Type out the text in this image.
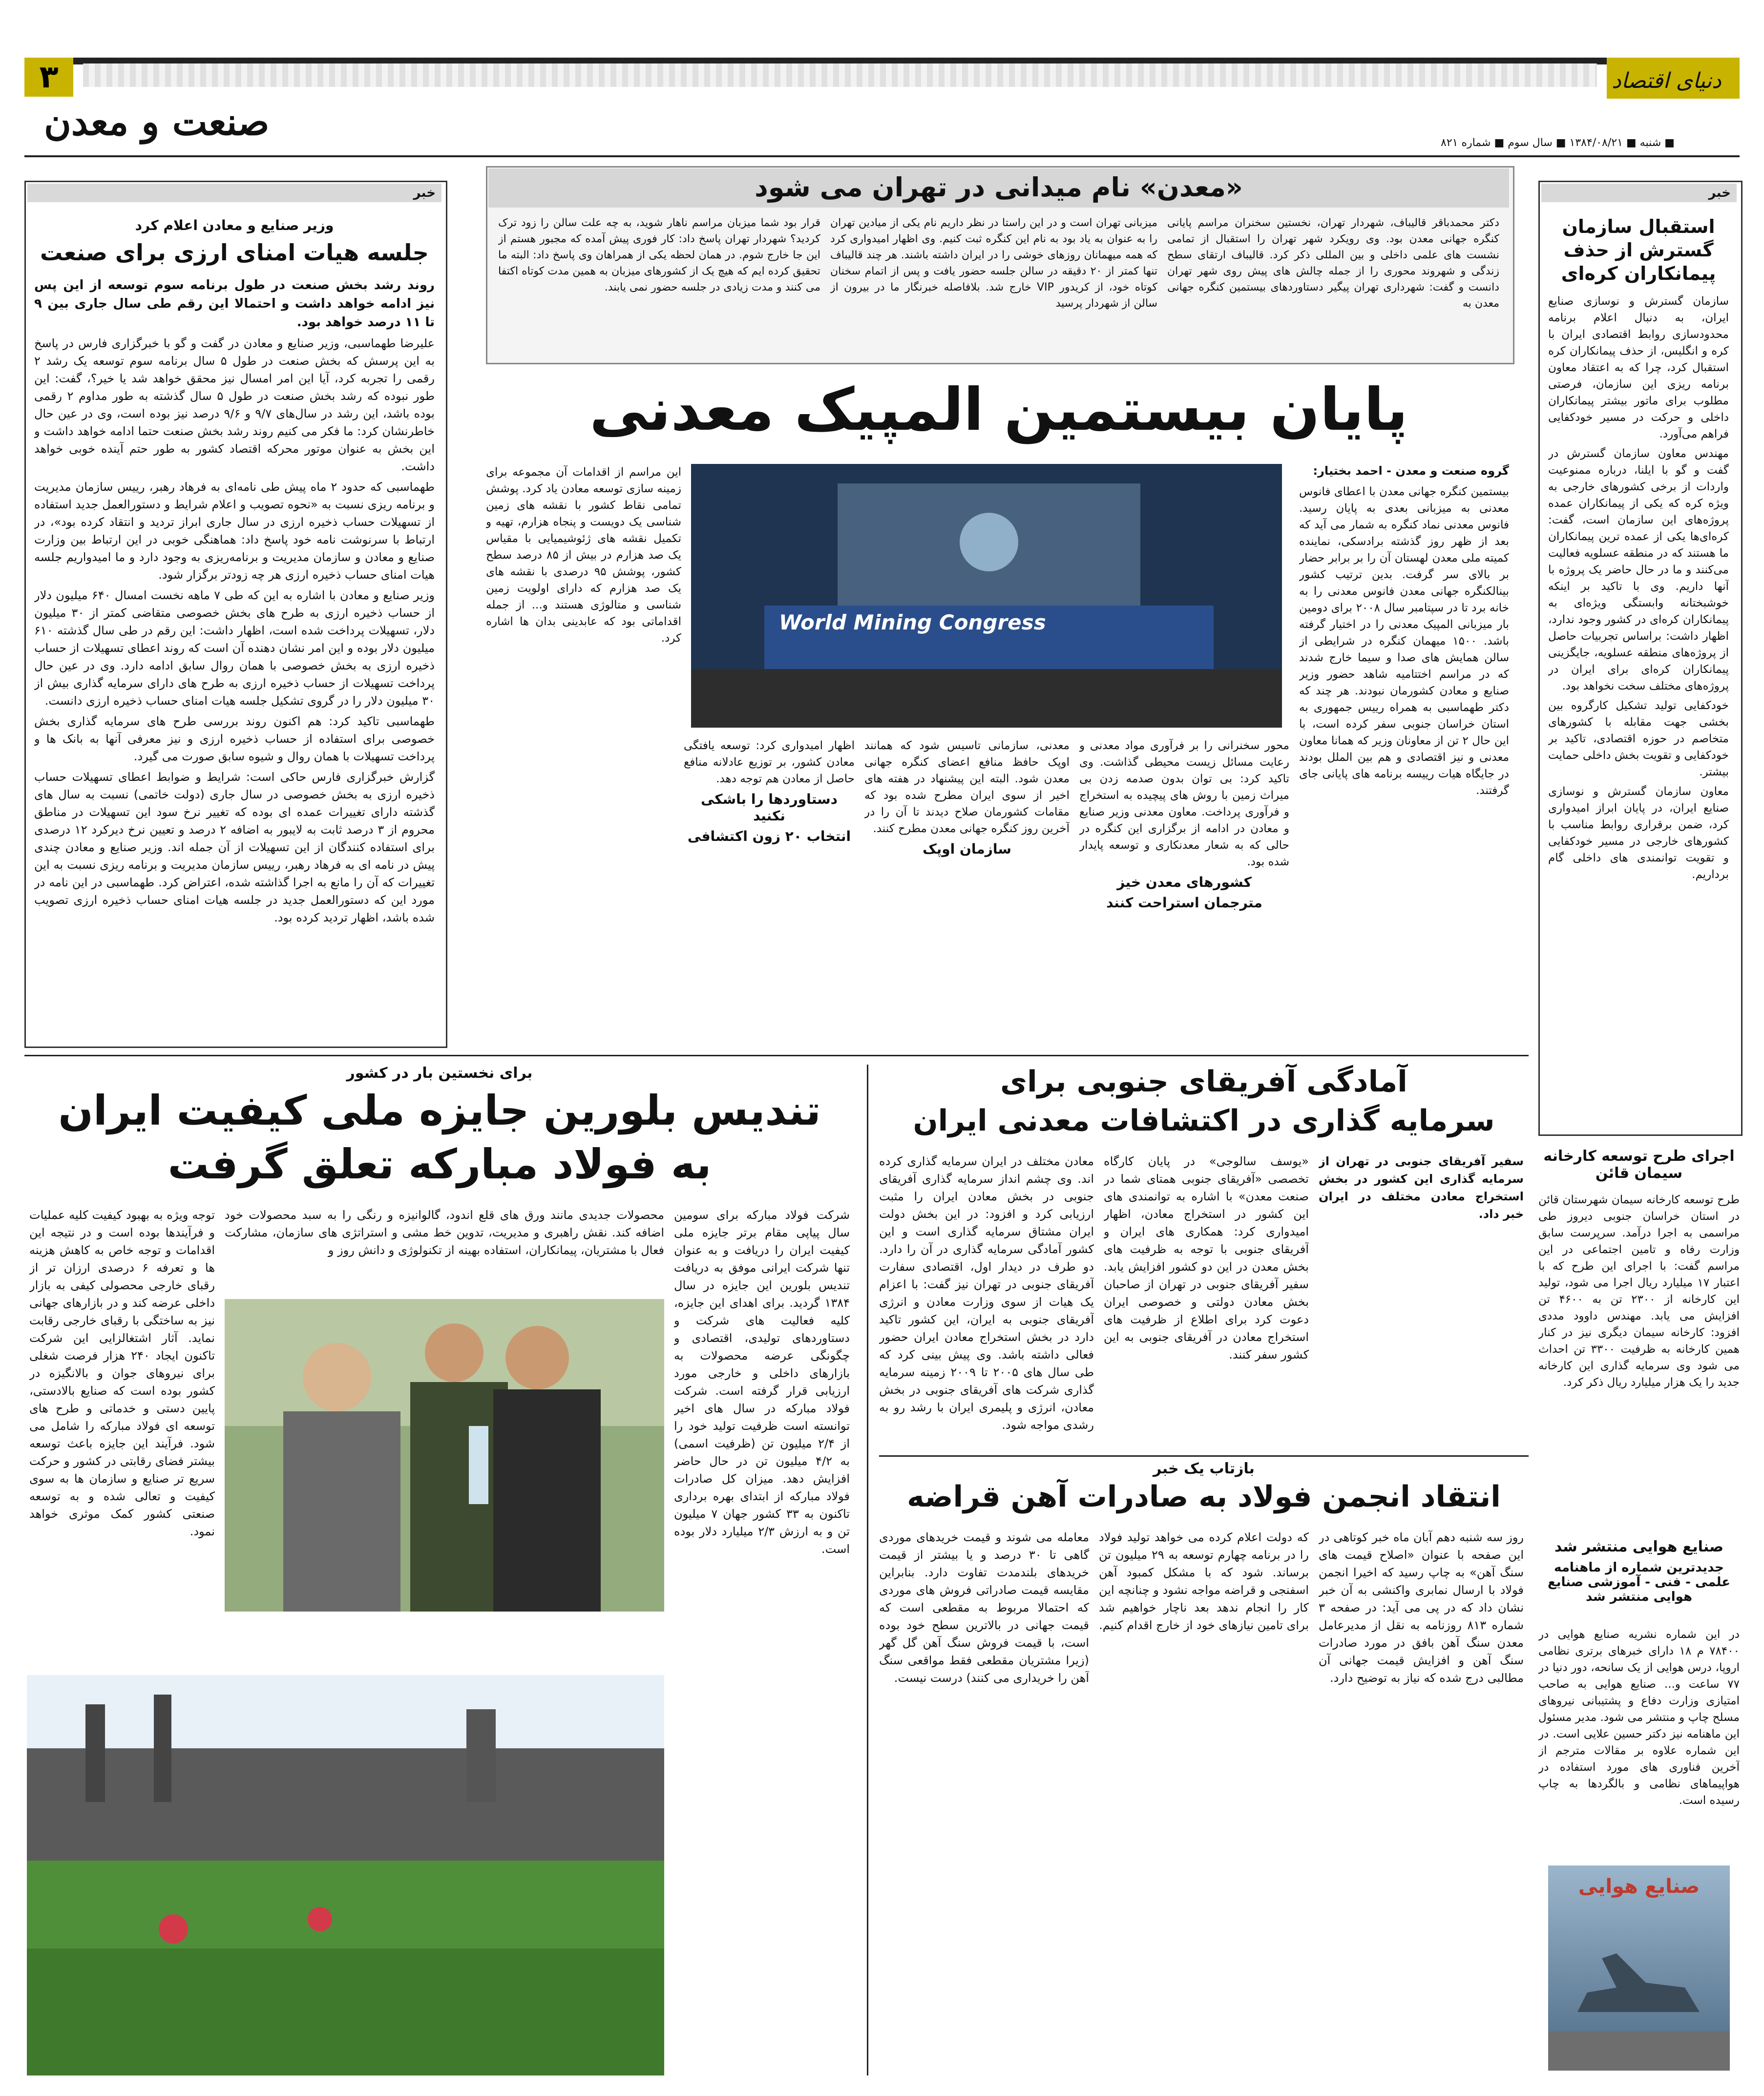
۳
صنعت و معدن
دنیای اقتصاد
■ شنبه ■ ۱۳۸۴/۰۸/۲۱ ■ سال سوم ■ شماره ۸۲۱
خبر
وزیر صنایع و معادن اعلام کرد
جلسه هیات امنای ارزی برای صنعت
روند رشد بخش صنعت در طول برنامه سوم توسعه از این پس نیز ادامه خواهد داشت و احتمالا این رقم طی سال جاری بین ۹ تا ۱۱ درصد خواهد بود.

علیرضا طهماسبی، وزیر صنایع و معادن در گفت و گو با خبرگزاری فارس در پاسخ به این پرسش که بخش صنعت در طول ۵ سال برنامه سوم توسعه یک رشد ۲ رقمی را تجربه کرد، آیا این امر امسال نیز محقق خواهد شد یا خیر؟، گفت: این طور نبوده که رشد بخش صنعت در طول ۵ سال گذشته به طور مداوم ۲ رقمی بوده باشد، این رشد در سال‌های ۹/۷ و ۹/۶ درصد نیز بوده است، وی در عین حال خاطرنشان کرد: ما فکر می کنیم روند رشد بخش صنعت حتما ادامه خواهد داشت و این بخش به عنوان موتور محرکه اقتصاد کشور به طور حتم آینده خوبی خواهد داشت.

طهماسبی که حدود ۲ ماه پیش طی نامه‌ای به فرهاد رهبر، رییس سازمان مدیریت و برنامه ریزی نسبت به «نحوه تصویب و اعلام شرایط و دستورالعمل جدید استفاده از تسهیلات حساب ذخیره ارزی در سال جاری ابراز تردید و انتقاد کرده بود»، در ارتباط با سرنوشت نامه خود پاسخ داد: هماهنگی خوبی در این ارتباط بین وزارت صنایع و معادن و سازمان مدیریت و برنامه‌ریزی به وجود دارد و ما امیدواریم جلسه هیات امنای حساب ذخیره ارزی هر چه زودتر برگزار شود.

وزیر صنایع و معادن با اشاره به این که طی ۷ ماهه نخست امسال ۶۴۰ میلیون دلار از حساب ذخیره ارزی به طرح های بخش خصوصی متقاضی کمتر از ۳۰ میلیون دلار، تسهیلات پرداخت شده است، اظهار داشت: این رقم در طی سال گذشته ۶۱۰ میلیون دلار بوده و این امر نشان دهنده آن است که روند اعطای تسهیلات از حساب ذخیره ارزی به بخش خصوصی با همان روال سابق ادامه دارد. وی در عین حال پرداخت تسهیلات از حساب ذخیره ارزی به طرح های دارای سرمایه گذاری بیش از ۳۰ میلیون دلار را در گروی تشکیل جلسه هیات امنای حساب ذخیره ارزی دانست.

طهماسبی تاکید کرد: هم اکنون روند بررسی طرح های سرمایه گذاری بخش خصوصی برای استفاده از حساب ذخیره ارزی و نیز معرفی آنها به بانک ها و پرداخت تسهیلات با همان روال و شیوه سابق صورت می گیرد.

گزارش خبرگزاری فارس حاکی است: شرایط و ضوابط اعطای تسهیلات حساب ذخیره ارزی به بخش خصوصی در سال جاری (دولت خاتمی) نسبت به سال های گذشته دارای تغییرات عمده ای بوده که تغییر نرخ سود این تسهیلات در مناطق محروم از ۳ درصد ثابت به لایبور به اضافه ۲ درصد و تعیین نرخ دیرکرد ۱۲ درصدی برای استفاده کنندگان از این تسهیلات از آن جمله اند. وزیر صنایع و معادن چندی پیش در نامه ای به فرهاد رهبر، رییس سازمان مدیریت و برنامه ریزی نسبت به این تغییرات که آن را مانع به اجرا گذاشته شده، اعتراض کرد. طهماسبی در این نامه در مورد این که دستورالعمل جدید در جلسه هیات امنای حساب ذخیره ارزی تصویب شده باشد، اظهار تردید کرده بود.

خبر
استقبال سازمان گسترش از حذف پیمانکاران کره‌ای

سازمان گسترش و نوسازی صنایع ایران، به دنبال اعلام برنامه محدودسازی روابط اقتصادی ایران با کره و انگلیس، از حذف پیمانکاران کره استقبال کرد، چرا که به اعتقاد معاون برنامه ریزی این سازمان، فرصتی مطلوب برای ماتور بیشتر پیمانکاران داخلی و حرکت در مسیر خودکفایی فراهم می‌آورد.

مهندس معاون سازمان گسترش در گفت و گو با ایلنا، درباره ممنوعیت واردات از برخی کشورهای خارجی به ویژه کره که یکی از پیمانکاران عمده پروژه‌های این سازمان است، گفت: کره‌ای‌ها یکی از عمده ترین پیمانکاران ما هستند که در منطقه عسلویه فعالیت می‌کنند و ما در حال حاضر یک پروژه با آنها داریم. وی با تاکید بر اینکه خوشبختانه وابستگی ویژه‌ای به پیمانکاران کره‌ای در کشور وجود ندارد، اظهار داشت: براساس تجربیات حاصل از پروژه‌های منطقه عسلویه، جایگزینی پیمانکاران کره‌ای برای ایران در پروژه‌های مختلف سخت نخواهد بود.

خودکفایی تولید تشکیل کارگروه بین بخشی جهت مقابله با کشورهای متخاصم در حوزه اقتصادی، تاکید بر خودکفایی و تقویت بخش داخلی حمایت بیشتر.

معاون سازمان گسترش و نوسازی صنایع ایران، در پایان ابراز امیدواری کرد، ضمن برقراری روابط مناسب با کشورهای خارجی در مسیر خودکفایی و تقویت توانمندی های داخلی گام برداریم.

اجرای طرح توسعه کارخانه سیمان قائن
طرح توسعه کارخانه سیمان شهرستان قائن در استان خراسان جنوبی دیروز طی مراسمی به اجرا درآمد. سرپرست سابق وزارت رفاه و تامین اجتماعی در این مراسم گفت: با اجرای این طرح که با اعتبار ۱۷ میلیارد ریال اجرا می شود، تولید این کارخانه از ۲۳۰۰ تن به ۴۶۰۰ تن افزایش می یابد. مهندس داوود مددی افزود: کارخانه سیمان دیگری نیز در کنار همین کارخانه به ظرفیت ۳۳۰۰ تن احداث می شود وی سرمایه گذاری این کارخانه جدید را یک هزار میلیارد ریال ذکر کرد.
صنایع هوایی منتشر شد
جدیدترین شماره از ماهنامه علمی - فنی - آموزشی صنایع هوایی منتشر شد
در این شماره نشریه صنایع هوایی در ۷۸۴۰۰ م ۱۸ دارای خبرهای برتری نظامی اروپا، درس هوایی از یک سانحه، دور دنیا در ۷۷ ساعت و... صنایع هوایی به صاحب امتیازی وزارت دفاع و پشتیبانی نیروهای مسلح چاپ و منتشر می شود. مدیر مسئول این ماهنامه نیز دکتر حسین علایی است. در این شماره علاوه بر مقالات مترجم از آخرین فناوری های مورد استفاده در هواپیماهای نظامی و بالگردها به چاپ رسیده است.
صنایع هوایی
«معدن» نام میدانی در تهران می شود
دکتر محمدباقر قالیباف، شهردار تهران، نخستین سخنران مراسم پایانی کنگره جهانی معدن بود. وی رویکرد شهر تهران را استقبال از تمامی نشست های علمی داخلی و بین المللی ذکر کرد. قالیباف ارتقای سطح زندگی و شهروند محوری را از جمله چالش های پیش روی شهر تهران دانست و گفت: شهرداری تهران پیگیر دستاوردهای بیستمین کنگره جهانی معدن به
میزبانی تهران است و در این راستا در نظر داریم نام یکی از میادین تهران را به عنوان به یاد بود به نام این کنگره ثبت کنیم. وی اظهار امیدواری کرد که همه میهمانان روزهای خوشی را در ایران داشته باشند. هر چند قالیباف تنها کمتر از ۲۰ دقیقه در سالن جلسه حضور یافت و پس از اتمام سخنان کوتاه خود، از کریدور VIP خارج شد. بلافاصله خبرنگار ما در بیرون از سالن از شهردار پرسید
قرار بود شما میزبان مراسم ناهار شوید، به چه علت سالن را زود ترک کردید؟ شهردار تهران پاسخ داد: کار فوری پیش آمده که مجبور هستم از این جا خارج شوم. در همان لحظه یکی از همراهان وی پاسخ داد: البته ما تحقیق کرده ایم که هیچ یک از کشورهای میزبان به همین مدت کوتاه اکتفا می کنند و مدت زیادی در جلسه حضور نمی یابند.
پایان بیستمین المپیک معدنی
World Mining Congress
گروه صنعت و معدن - احمد بختیار:
بیستمین کنگره جهانی معدن با اعطای فانوس معدنی به میزبانی بعدی به پایان رسید. فانوس معدنی نماد کنگره به شمار می آید که بعد از ظهر روز گذشته برادسکی، نماینده کمیته ملی معدن لهستان آن را بر برابر حضار بر بالای سر گرفت. بدین ترتیب کشور بینالکنگره جهانی معدن فانوس معدنی را به خانه برد تا در سپتامبر سال ۲۰۰۸ برای دومین بار میزبانی المپیک معدنی را در اختیار گرفته باشد. ۱۵۰۰ میهمان کنگره در شرایطی از سالن همایش های صدا و سیما خارج شدند که در مراسم اختتامیه شاهد حضور وزیر صنایع و معادن کشورمان نبودند. هر چند که دکتر طهماسبی به همراه رییس جمهوری به استان خراسان جنوبی سفر کرده است، با این حال ۲ تن از معاونان وزیر که همانا معاون معدنی و نیز اقتصادی و هم بین الملل بودند در جایگاه هیات رییسه برنامه های پایانی جای گرفتند.
این مراسم از اقدامات آن مجموعه برای زمینه سازی توسعه معادن یاد کرد. پوشش تمامی نقاط کشور با نقشه های زمین شناسی یک دویست و پنجاه هزارم، تهیه و تکمیل نقشه های ژئوشیمیایی با مقیاس یک صد هزارم در بیش از ۸۵ درصد سطح کشور، پوشش ۹۵ درصدی با نقشه های یک صد هزارم که دارای اولویت زمین شناسی و متالوژی هستند و... از جمله اقداماتی بود که عابدینی بدان ها اشاره کرد.
محور سخنرانی را بر فرآوری مواد معدنی و رعایت مسائل زیست محیطی گذاشت. وی تاکید کرد: بی توان بدون صدمه زدن بی میراث زمین با روش های پیچیده به استخراج و فرآوری پرداخت. معاون معدنی وزیر صنایع و معادن در ادامه از برگزاری این کنگره در حالی که به شعار معدنکاری و توسعه پایدار شده بود.
کشورهای معدن خیز
مترجمان استراحت کنند
معدنی، سازمانی تاسیس شود که همانند اوپک حافظ منافع اعضای کنگره جهانی معدن شود. البته این پیشنهاد در هفته های اخیر از سوی ایران مطرح شده بود که مقامات کشورمان صلاح دیدند تا آن را در آخرین روز کنگره جهانی معدن مطرح کنند.
سازمان اوپک
اظهار امیدواری کرد: توسعه یافتگی معادن کشور، بر توزیع عادلانه منافع حاصل از معادن هم توجه دهد.
دستاوردها را باشکی نکنید
انتخاب ۲۰ زون اکتشافی
برای نخستین بار در کشور
تندیس بلورین جایزه ملی کیفیت ایران
به فولاد مبارکه تعلق گرفت
شرکت فولاد مبارکه برای سومین سال پیاپی مقام برتر جایزه ملی کیفیت ایران را دریافت و به عنوان تنها شرکت ایرانی موفق به دریافت تندیس بلورین این جایزه در سال ۱۳۸۴ گردید. برای اهدای این جایزه، کلیه فعالیت های شرکت و دستاوردهای تولیدی، اقتصادی و چگونگی عرضه محصولات به بازارهای داخلی و خارجی مورد ارزیابی قرار گرفته است. شرکت فولاد مبارکه در سال های اخیر توانسته است ظرفیت تولید خود را از ۲/۴ میلیون تن (ظرفیت اسمی) به ۴/۲ میلیون تن در حال حاضر افزایش دهد. میزان کل صادرات فولاد مبارکه از ابتدای بهره برداری تاکنون به ۳۳ کشور جهان ۷ میلیون تن و به ارزش ۲/۳ میلیارد دلار بوده است.
محصولات جدیدی مانند ورق های قلع اندود، گالوانیزه و رنگی را به سبد محصولات خود اضافه کند. نقش راهبری و مدیریت، تدوین خط مشی و استراتژی های سازمان، مشارکت فعال با مشتریان، پیمانکاران، استفاده بهینه از تکنولوژی و دانش روز و
توجه ویژه به بهبود کیفیت کلیه عملیات و فرآیندها بوده است و در نتیجه این اقدامات و توجه خاص به کاهش هزینه ها و تعرفه ۶ درصدی ارزان تر از رقبای خارجی محصولی کیفی به بازار داخلی عرضه کند و در بازارهای جهانی نیز به ساختگی با رقبای خارجی رقابت نماید. آثار اشتغالزایی این شرکت تاکنون ایجاد ۲۴۰ هزار فرصت شغلی برای نیروهای جوان و بالانگیزه در کشور بوده است که صنایع بالادستی، پایین دستی و خدماتی و طرح های توسعه ای فولاد مبارکه را شامل می شود. فرآیند این جایزه باعث توسعه بیشتر فضای رقابتی در کشور و حرکت سریع تر صنایع و سازمان ها به سوی کیفیت و تعالی شده و به توسعه صنعتی کشور کمک موثری خواهد نمود.
آمادگی آفریقای جنوبی برای
سرمایه گذاری در اکتشافات معدنی ایران
سفیر آفریقای جنوبی در تهران از سرمایه گذاری این کشور در بخش استخراج معادن مختلف در ایران خبر داد.
«یوسف سالوجی» در پایان کارگاه تخصصی «آفریقای جنوبی همتای شما در صنعت معدن» با اشاره به توانمندی های این کشور در استخراج معادن، اظهار امیدواری کرد: همکاری های ایران و آفریقای جنوبی با توجه به ظرفیت های بخش معدن در این دو کشور افزایش یابد. سفیر آفریقای جنوبی در تهران از صاحبان بخش معادن دولتی و خصوصی ایران دعوت کرد برای اطلاع از ظرفیت های استخراج معادن در آفریقای جنوبی به این کشور سفر کنند.
معادن مختلف در ایران سرمایه گذاری کرده اند. وی چشم انداز سرمایه گذاری آفریقای جنوبی در بخش معادن ایران را مثبت ارزیابی کرد و افزود: در این بخش دولت ایران مشتاق سرمایه گذاری است و این کشور آمادگی سرمایه گذاری در آن را دارد. دو طرف در دیدار اول، اقتصادی سفارت آفریقای جنوبی در تهران نیز گفت: با اعزام یک هیات از سوی وزارت معادن و انرژی آفریقای جنوبی به ایران، این کشور تاکید دارد در بخش استخراج معادن ایران حضور فعالی داشته باشد. وی پیش بینی کرد که طی سال های ۲۰۰۵ تا ۲۰۰۹ زمینه سرمایه گذاری شرکت های آفریقای جنوبی در بخش معادن، انرژی و پلیمری ایران با رشد رو به رشدی مواجه شود.
بازتاب یک خبر
انتقاد انجمن فولاد به صادرات آهن قراضه
روز سه شنبه دهم آبان ماه خبر کوتاهی در این صفحه با عنوان «اصلاح قیمت های سنگ آهن» به چاپ رسید که اخیرا انجمن فولاد با ارسال نمابری واکنشی به آن خبر نشان داد که در پی می آید: در صفحه ۳ شماره ۸۱۳ روزنامه به نقل از مدیرعامل معدن سنگ آهن بافق در مورد صادرات سنگ آهن و افزایش قیمت جهانی آن مطالبی درج شده که نیاز به توضیح دارد.
که دولت اعلام کرده می خواهد تولید فولاد را در برنامه چهارم توسعه به ۲۹ میلیون تن برساند. شود که با مشکل کمبود آهن اسفنجی و قراضه مواجه نشود و چنانچه این کار را انجام ندهد بعد ناچار خواهیم شد برای تامین نیازهای خود از خارج اقدام کنیم.
معامله می شوند و قیمت خریدهای موردی گاهی تا ۳۰ درصد و یا بیشتر از قیمت خریدهای بلندمدت تفاوت دارد. بنابراین مقایسه قیمت صادراتی فروش های موردی که احتمالا مربوط به مقطعی است که قیمت جهانی در بالاترین سطح خود بوده است، با قیمت فروش سنگ آهن گل گهر (زیرا مشتریان مقطعی فقط مواقعی سنگ آهن را خریداری می کنند) درست نیست.
